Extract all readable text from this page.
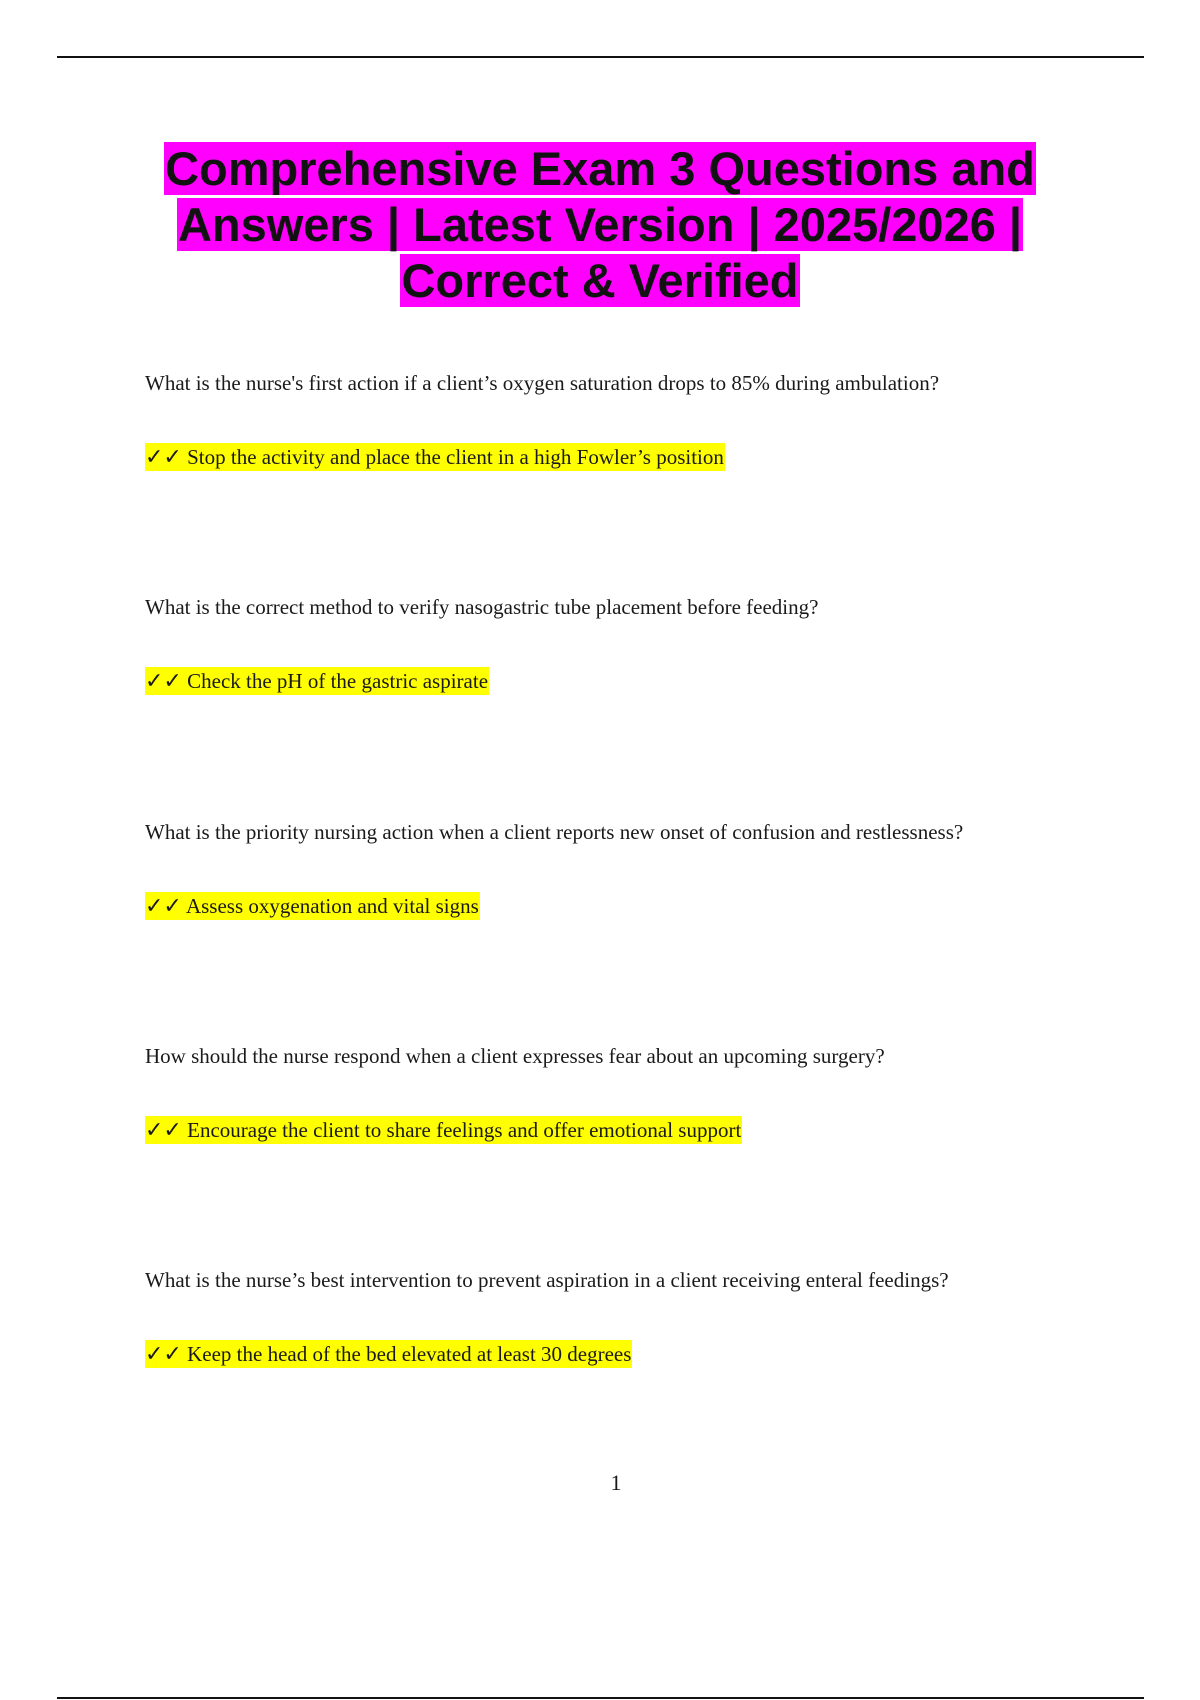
Comprehensive Exam 3 Questions and Answers | Latest Version | 2025/2026 | Correct & Verified

What is the nurse's first action if a client’s oxygen saturation drops to 85% during ambulation?

✓✓ Stop the activity and place the client in a high Fowler’s position

What is the correct method to verify nasogastric tube placement before feeding?

✓✓ Check the pH of the gastric aspirate

What is the priority nursing action when a client reports new onset of confusion and restlessness?

✓✓ Assess oxygenation and vital signs

How should the nurse respond when a client expresses fear about an upcoming surgery?

✓✓ Encourage the client to share feelings and offer emotional support

What is the nurse’s best intervention to prevent aspiration in a client receiving enteral feedings?

✓✓ Keep the head of the bed elevated at least 30 degrees

1
